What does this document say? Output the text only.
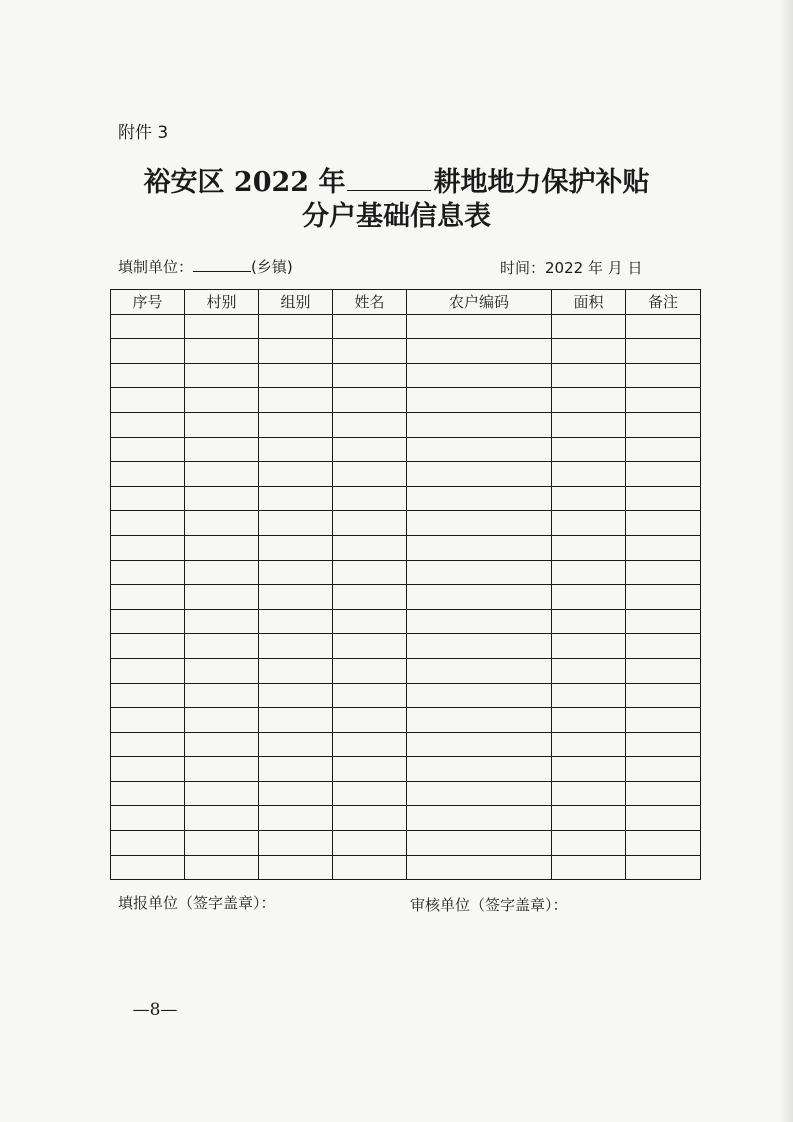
附件 3
裕安区 2022 年	耕地地力保护补贴
分户基础信息表
填制单位：	(乡镇)	时间：2022 年 月 日
序号	村别	组别	姓名	农户编码	面积	备注

填报单位（签字盖章）：	审核单位（签字盖章）：
—8—
